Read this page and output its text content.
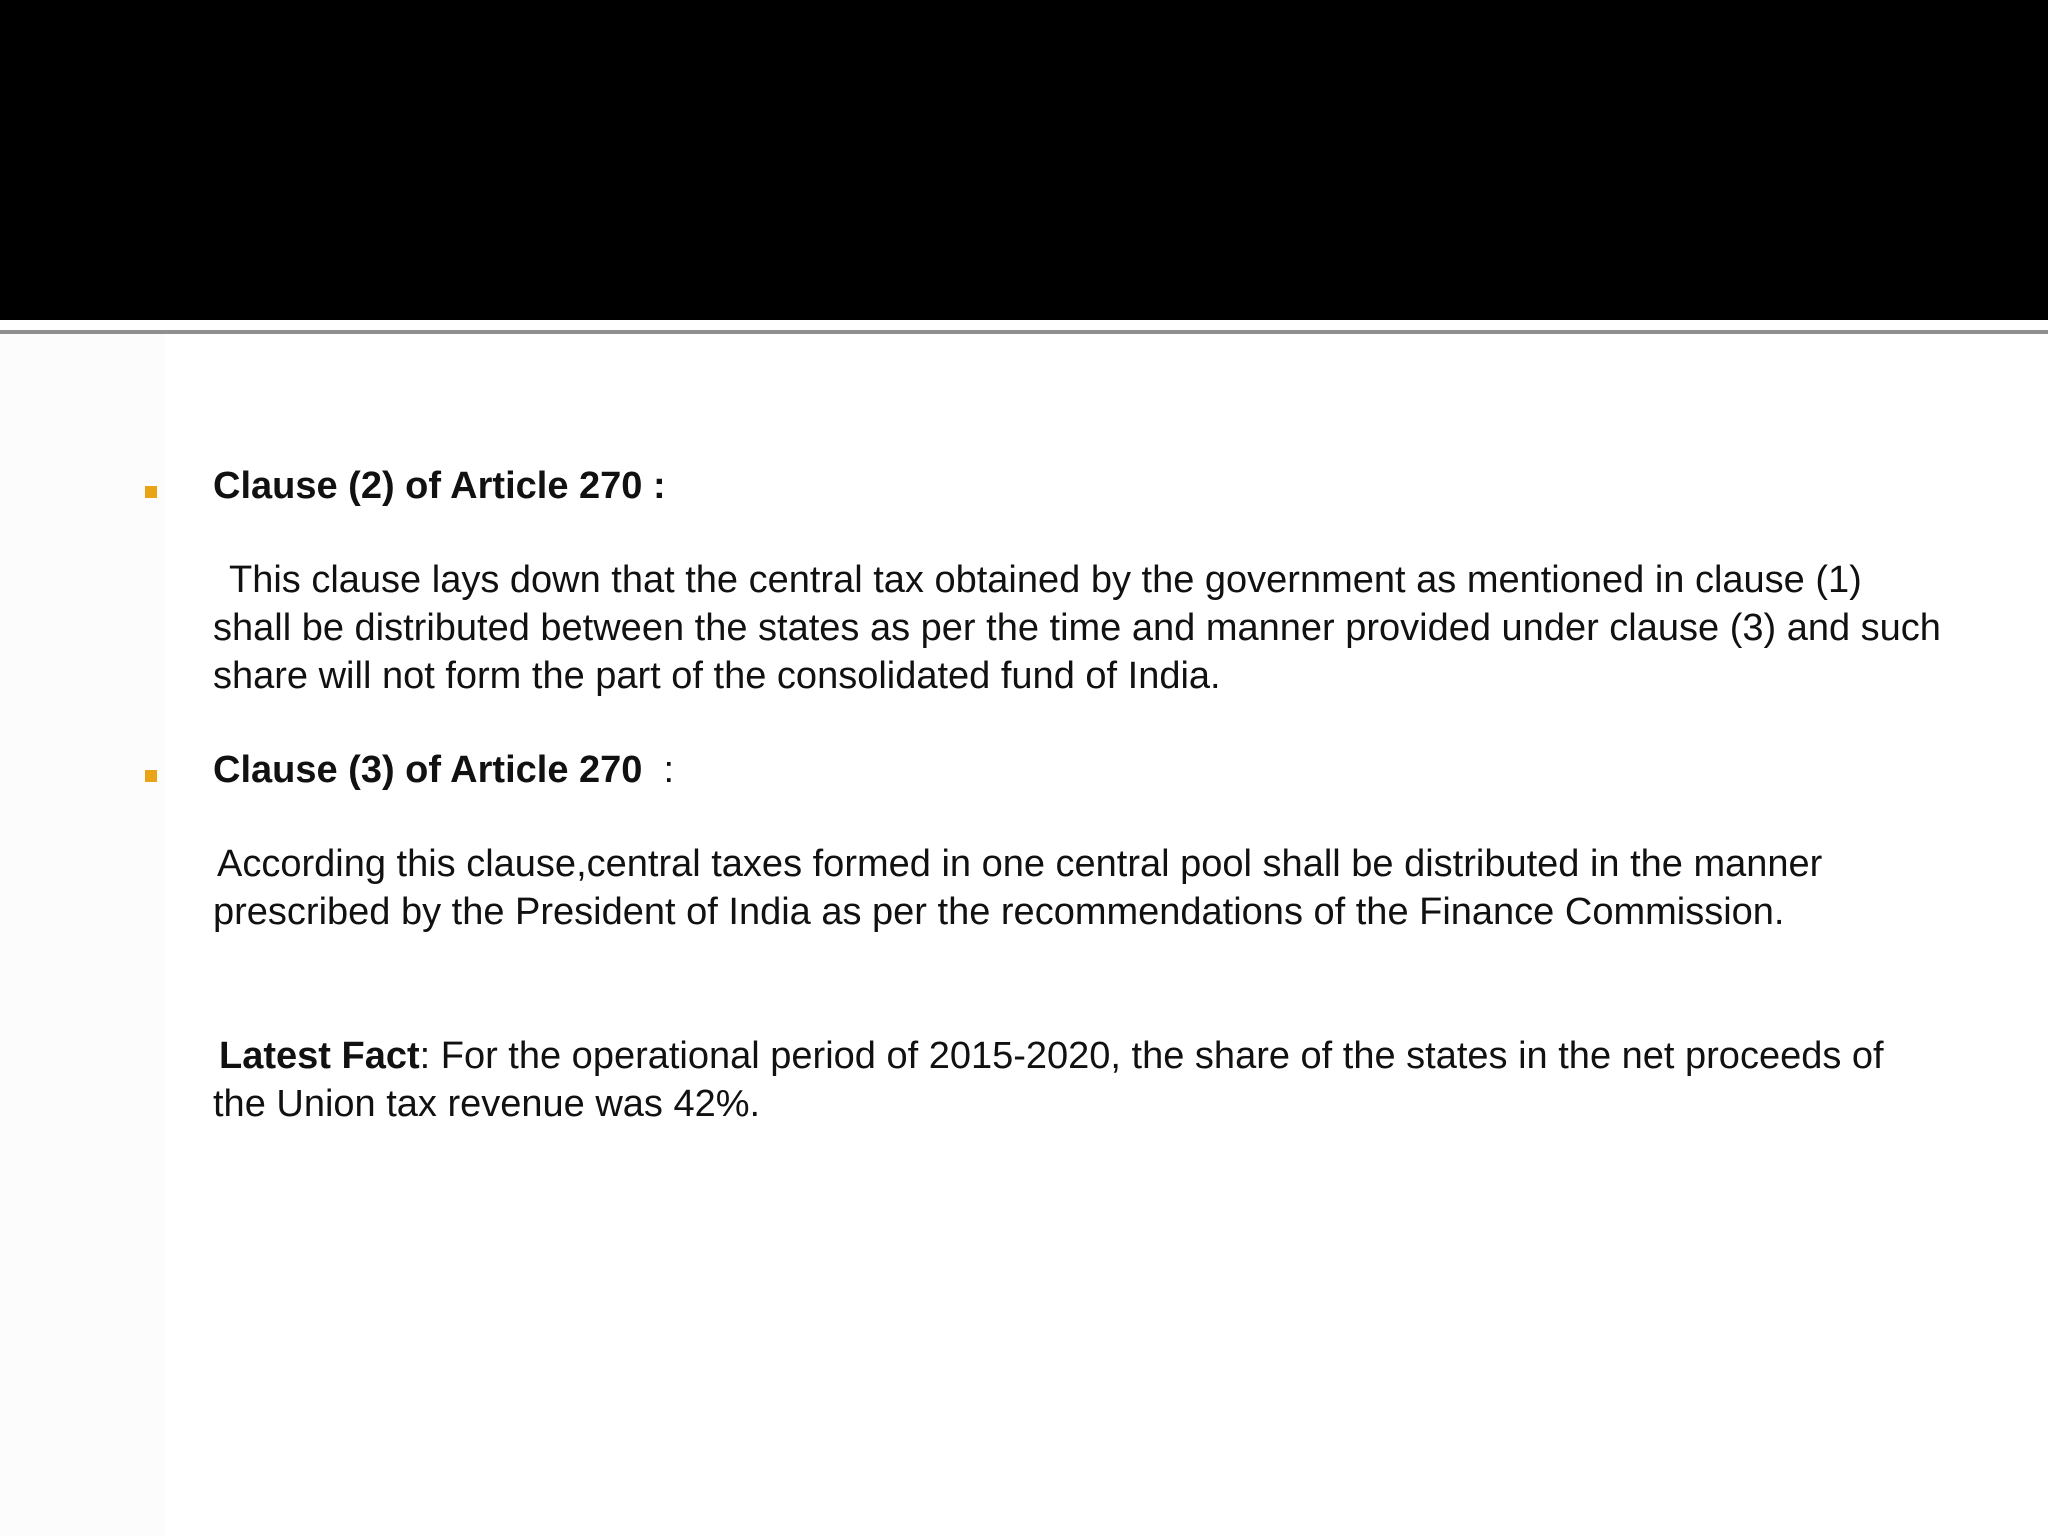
Clause (2) of Article 270 :

This clause lays down that the central tax obtained by the government as mentioned in clause (1) shall be distributed between the states as per the time and manner provided under clause (3) and such share will not form the part of the consolidated fund of India.

Clause (3) of Article 270  :

According this clause,central taxes formed in one central pool shall be distributed in the manner prescribed by the President of India as per the recommendations of the Finance Commission.

Latest Fact: For the operational period of 2015-2020, the share of the states in the net proceeds of the Union tax revenue was 42%.
